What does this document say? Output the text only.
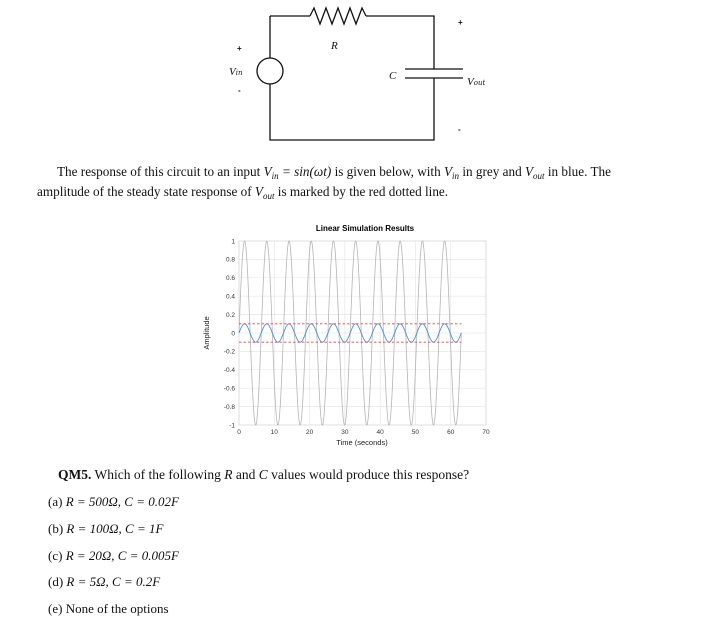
R
C
Vin
Vout
+
-
+
-
The response of this circuit to an input $V_{in} = \sin(\omega t)$ is given below, with $V_{in}$ in grey and $V_{out}$ in blue. The
amplitude of the steady state response of $V_{out}$ is marked by the red dotted line.
Linear Simulation Results
0	10	20	30	40	50	60	70
1
0.8
0.6
0.4
0.2
0
-0.2
-0.4
-0.6
-0.8
-1
Time (seconds)
Amplitude
QM5. Which of the following R and C values would produce this response?
(a) R = 500Ω, C = 0.02F
(b) R = 100Ω, C = 1F
(c) R = 20Ω, C = 0.005F
(d) R = 5Ω, C = 0.2F
(e) None of the options
